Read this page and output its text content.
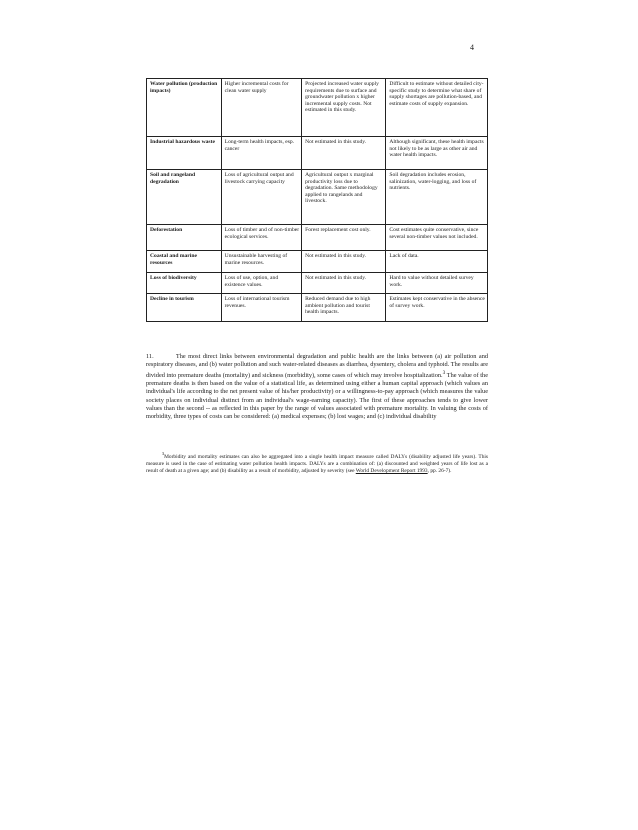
4
Water pollution (production impacts)	Higher incremental costs for clean water supply	Projected increased water supply requirements due to surface and groundwater pollution x higher incremental supply costs. Not estimated in this study.	Difficult to estimate without detailed city-specific study to determine what share of supply shortages are pollution-based, and estimate costs of supply expansion.
Industrial hazardous waste	Long-term health impacts, esp. cancer	Not estimated in this study.	Although significant, these health impacts not likely to be as large as other air and water health impacts.
Soil and rangeland degradation	Loss of agricultural output and livestock carrying capacity	Agricultural output x marginal productivity loss due to degradation. Same methodology applied to rangelands and livestock.	Soil degradation includes erosion, salinization, water-logging, and loss of nutrients.
Deforestation	Loss of timber and of non-timber ecological services.	Forest replacement cost only.	Cost estimates quite conservative, since several non-timber values not included.
Coastal and marine resources	Unsustainable harvesting of marine resources.	Not estimated in this study.	Lack of data.
Loss of biodiversity	Loss of use, option, and existence values.	Not estimated in this study.	Hard to value without detailed survey work.
Decline in tourism	Loss of international tourism revenues.	Reduced demand due to high ambient pollution and tourist health impacts.	Estimates kept conservative in the absence of survey work.

11.	The most direct links between environmental degradation and public health are the links between (a) air pollution and respiratory diseases, and (b) water pollution and such water-related diseases as diarrhea, dysentery, cholera and typhoid. The results are divided into premature deaths (mortality) and sickness (morbidity), some cases of which may involve hospitalization.$^3$ The value of the premature deaths is then based on the value of a statistical life, as determined using either a human capital approach (which values an individual's life according to the net present value of his/her productivity) or a willingness-to-pay approach (which measures the value society places on individual distinct from an individual's wage-earning capacity). The first of these approaches tends to give lower values than the second -- as reflected in this paper by the range of values associated with premature mortality. In valuing the costs of morbidity, three types of costs can be considered: (a) medical expenses; (b) lost wages; and (c) individual disability

$^3$Morbidity and mortality estimates can also be aggregated into a single health impact measure called DALYs (disability adjusted life years). This measure is used in the case of estimating water pollution health impacts. DALYs are a combination of: (a) discounted and weighted years of life lost as a result of death at a given age; and (b) disability as a result of morbidity, adjusted by severity (see World Development Report 1993, pp. 26-7).
